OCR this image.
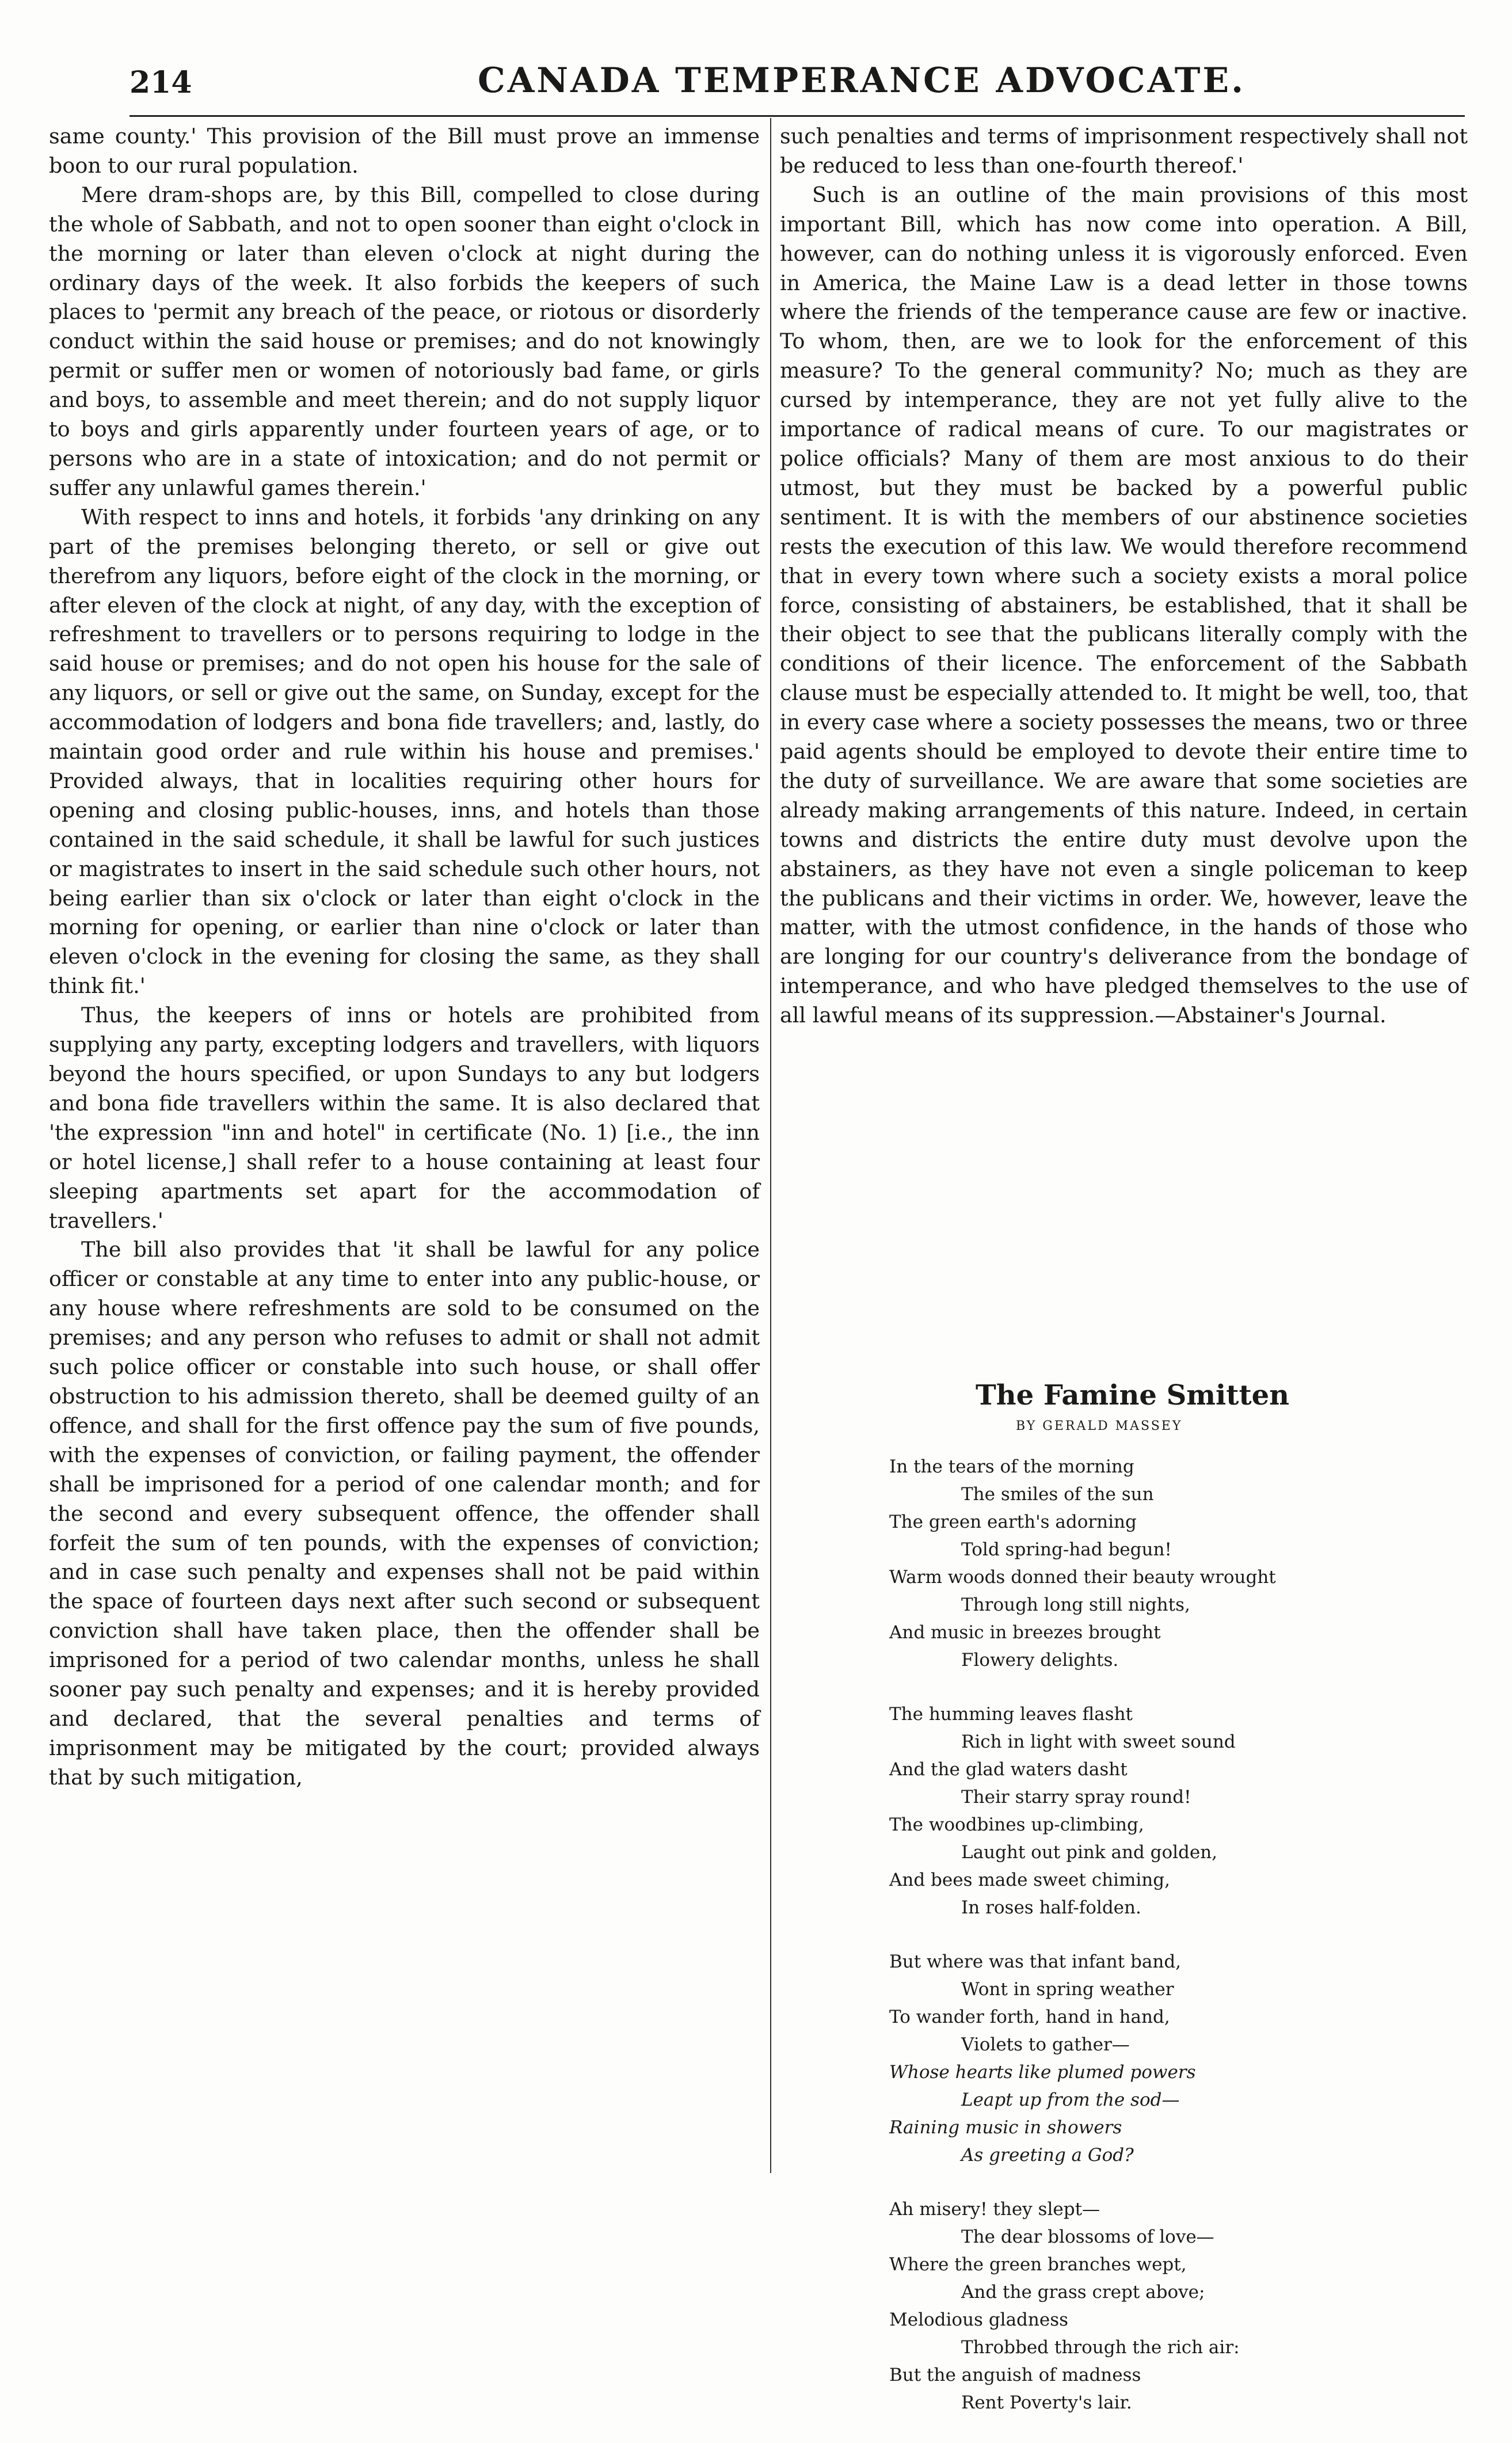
214	CANADA TEMPERANCE ADVOCATE.

same county.' This provision of the Bill must prove an immense boon to our rural population.

Mere dram-shops are, by this Bill, compelled to close during the whole of Sabbath, and not to open sooner than eight o'clock in the morning or later than eleven o'clock at night during the ordinary days of the week. It also forbids the keepers of such places to 'permit any breach of the peace, or riotous or disorderly conduct within the said house or premises; and do not knowingly permit or suffer men or women of notoriously bad fame, or girls and boys, to assemble and meet therein; and do not supply liquor to boys and girls apparently under fourteen years of age, or to persons who are in a state of intoxication; and do not permit or suffer any unlawful games therein.'

With respect to inns and hotels, it forbids 'any drinking on any part of the premises belonging thereto, or sell or give out therefrom any liquors, before eight of the clock in the morning, or after eleven of the clock at night, of any day, with the exception of refreshment to travellers or to persons requiring to lodge in the said house or premises; and do not open his house for the sale of any liquors, or sell or give out the same, on Sunday, except for the accommodation of lodgers and bona fide travellers; and, lastly, do maintain good order and rule within his house and premises.' Provided always, that in localities requiring other hours for opening and closing public-houses, inns, and hotels than those contained in the said schedule, it shall be lawful for such justices or magistrates to insert in the said schedule such other hours, not being earlier than six o'clock or later than eight o'clock in the morning for opening, or earlier than nine o'clock or later than eleven o'clock in the evening for closing the same, as they shall think fit.'

Thus, the keepers of inns or hotels are prohibited from supplying any party, excepting lodgers and travellers, with liquors beyond the hours specified, or upon Sundays to any but lodgers and bona fide travellers within the same. It is also declared that 'the expression "inn and hotel" in certificate (No. 1) [i.e., the inn or hotel license,] shall refer to a house containing at least four sleeping apartments set apart for the accommodation of travellers.'

The bill also provides that 'it shall be lawful for any police officer or constable at any time to enter into any public-house, or any house where refreshments are sold to be consumed on the premises; and any person who refuses to admit or shall not admit such police officer or constable into such house, or shall offer obstruction to his admission thereto, shall be deemed guilty of an offence, and shall for the first offence pay the sum of five pounds, with the expenses of conviction, or failing payment, the offender shall be imprisoned for a period of one calendar month; and for the second and every subsequent offence, the offender shall forfeit the sum of ten pounds, with the expenses of conviction; and in case such penalty and expenses shall not be paid within the space of fourteen days next after such second or subsequent conviction shall have taken place, then the offender shall be imprisoned for a period of two calendar months, unless he shall sooner pay such penalty and expenses; and it is hereby provided and declared, that the several penalties and terms of imprisonment may be mitigated by the court; provided always that by such mitigation,

such penalties and terms of imprisonment respectively shall not be reduced to less than one-fourth thereof.'

Such is an outline of the main provisions of this most important Bill, which has now come into operation. A Bill, however, can do nothing unless it is vigorously enforced. Even in America, the Maine Law is a dead letter in those towns where the friends of the temperance cause are few or inactive. To whom, then, are we to look for the enforcement of this measure? To the general community? No; much as they are cursed by intemperance, they are not yet fully alive to the importance of radical means of cure. To our magistrates or police officials? Many of them are most anxious to do their utmost, but they must be backed by a powerful public sentiment. It is with the members of our abstinence societies rests the execution of this law. We would therefore recommend that in every town where such a society exists a moral police force, consisting of abstainers, be established, that it shall be their object to see that the publicans literally comply with the conditions of their licence. The enforcement of the Sabbath clause must be especially attended to. It might be well, too, that in every case where a society possesses the means, two or three paid agents should be employed to devote their entire time to the duty of surveillance. We are aware that some societies are already making arrangements of this nature. Indeed, in certain towns and districts the entire duty must devolve upon the abstainers, as they have not even a single policeman to keep the publicans and their victims in order. We, however, leave the matter, with the utmost confidence, in the hands of those who are longing for our country's deliverance from the bondage of intemperance, and who have pledged themselves to the use of all lawful means of its suppression.—Abstainer's Journal.

The Famine Smitten
BY GERALD MASSEY
In the tears of the morning
The smiles of the sun
The green earth's adorning
Told spring-had begun!
Warm woods donned their beauty wrought
Through long still nights,
And music in breezes brought
Flowery delights.
The humming leaves flasht
Rich in light with sweet sound
And the glad waters dasht
Their starry spray round!
The woodbines up-climbing,
Laught out pink and golden,
And bees made sweet chiming,
In roses half-folden.
But where was that infant band,
Wont in spring weather
To wander forth, hand in hand,
Violets to gather—
Whose hearts like plumed powers
Leapt up from the sod—
Raining music in showers
As greeting a God?
Ah misery! they slept—
The dear blossoms of love—
Where the green branches wept,
And the grass crept above;
Melodious gladness
Throbbed through the rich air:
But the anguish of madness
Rent Poverty's lair.
